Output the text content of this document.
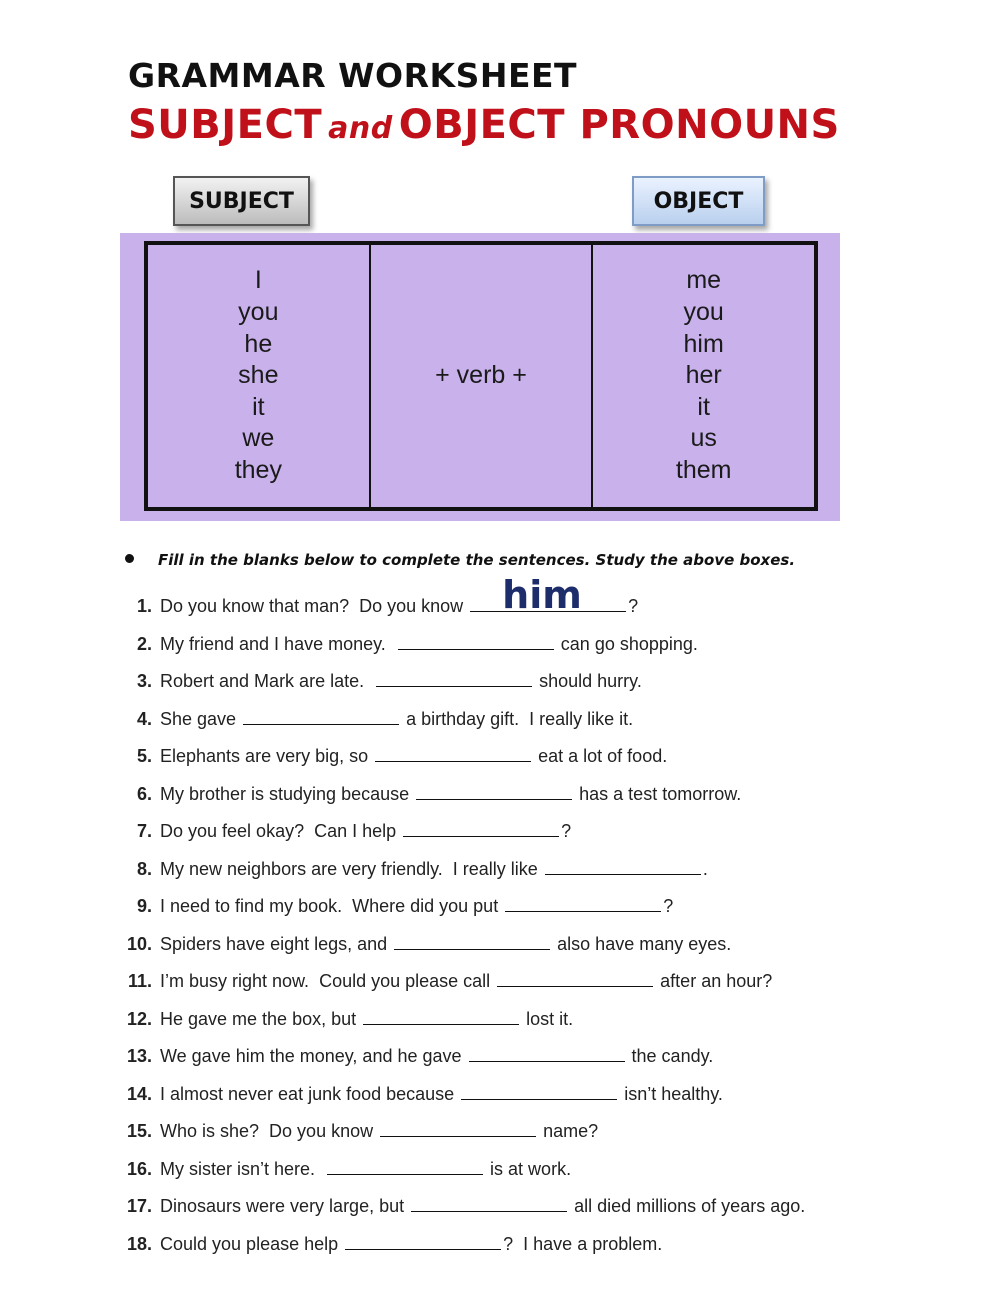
GRAMMAR WORKSHEET
SUBJECT and OBJECT PRONOUNS
SUBJECT	OBJECT
I
you
he
she
it
we
they
+ verb +
me
you
him
her
it
us
them
Fill in the blanks below to complete the sentences. Study the above boxes.
1. Do you know that man?  Do you know him	?
2. My friend and I have money.	can go shopping.
3. Robert and Mark are late.	should hurry.
4. She gave	a birthday gift.  I really like it.
5. Elephants are very big, so	eat a lot of food.
6. My brother is studying because	has a test tomorrow.
7. Do you feel okay?  Can I help	?
8. My new neighbors are very friendly.  I really like	.
9. I need to find my book.  Where did you put	?
10. Spiders have eight legs, and	also have many eyes.
11. I’m busy right now.  Could you please call	after an hour?
12. He gave me the box, but	lost it.
13. We gave him the money, and he gave	the candy.
14. I almost never eat junk food because	isn’t healthy.
15. Who is she?  Do you know	name?
16. My sister isn’t here.	is at work.
17. Dinosaurs were very large, but	all died millions of years ago.
18. Could you please help	?  I have a problem.
